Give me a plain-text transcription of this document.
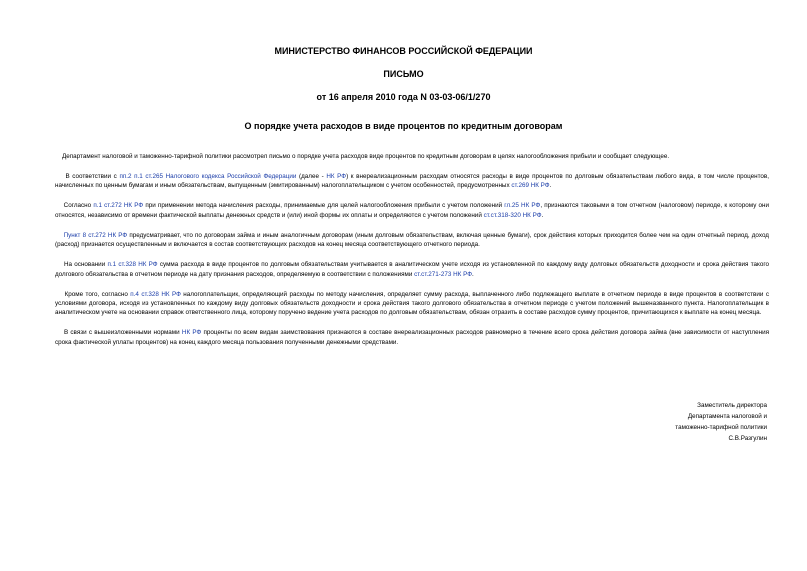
МИНИСТЕРСТВО ФИНАНСОВ РОССИЙСКОЙ ФЕДЕРАЦИИ
ПИСЬМО
от 16 апреля 2010 года N 03-03-06/1/270
О порядке учета расходов в виде процентов по кредитным договорам

Департамент налоговой и таможенно-тарифной политики рассмотрел письмо о порядке учета расходов виде процентов по кредитным договорам в целях налогообложения прибыли и сообщает следующее.

В соответствии с пп.2 п.1 ст.265 Налогового кодекса Российской Федерации (далее - НК РФ) к внереализационным расходам относятся расходы в виде процентов по долговым обязательствам любого вида, в том числе процентов, начисленных по ценным бумагам и иным обязательствам, выпущенным (эмитированным) налогоплательщиком с учетом особенностей, предусмотренных ст.269 НК РФ.

Согласно п.1 ст.272 НК РФ при применении метода начисления расходы, принимаемые для целей налогообложения прибыли с учетом положений гл.25 НК РФ, признаются таковыми в том отчетном (налоговом) периоде, к которому они относятся, независимо от времени фактической выплаты денежных средств и (или) иной формы их оплаты и определяются с учетом положений ст.ст.318-320 НК РФ.

Пункт 8 ст.272 НК РФ предусматривает, что по договорам займа и иным аналогичным договорам (иным долговым обязательствам, включая ценные бумаги), срок действия которых приходится более чем на один отчетный период, доход (расход) признается осуществленным и включается в состав соответствующих расходов на конец месяца соответствующего отчетного периода.

На основании п.1 ст.328 НК РФ сумма расхода в виде процентов по долговым обязательствам учитывается в аналитическом учете исходя из установленной по каждому виду долговых обязательств доходности и срока действия такого долгового обязательства в отчетном периоде на дату признания расходов, определяемую в соответствии с положениями ст.ст.271-273 НК РФ.

Кроме того, согласно п.4 ст.328 НК РФ налогоплательщик, определяющий расходы по методу начисления, определяет сумму расхода, выплаченного либо подлежащего выплате в отчетном периоде в виде процентов в соответствии с условиями договора, исходя из установленных по каждому виду долговых обязательств доходности и срока действия такого долгового обязательства в отчетном периоде с учетом положений вышеназванного пункта. Налогоплательщик в аналитическом учете на основании справок ответственного лица, которому поручено ведение учета расходов по долговым обязательствам, обязан отразить в составе расходов сумму процентов, причитающихся к выплате на конец месяца.

В связи с вышеизложенными нормами НК РФ проценты по всем видам заимствования признаются в составе внереализационных расходов равномерно в течение всего срока действия договора займа (вне зависимости от наступления срока фактической уплаты процентов) на конец каждого месяца пользования полученными денежными средствами.

Заместитель директора
Департамента налоговой и
таможенно-тарифной политики
С.В.Разгулин
